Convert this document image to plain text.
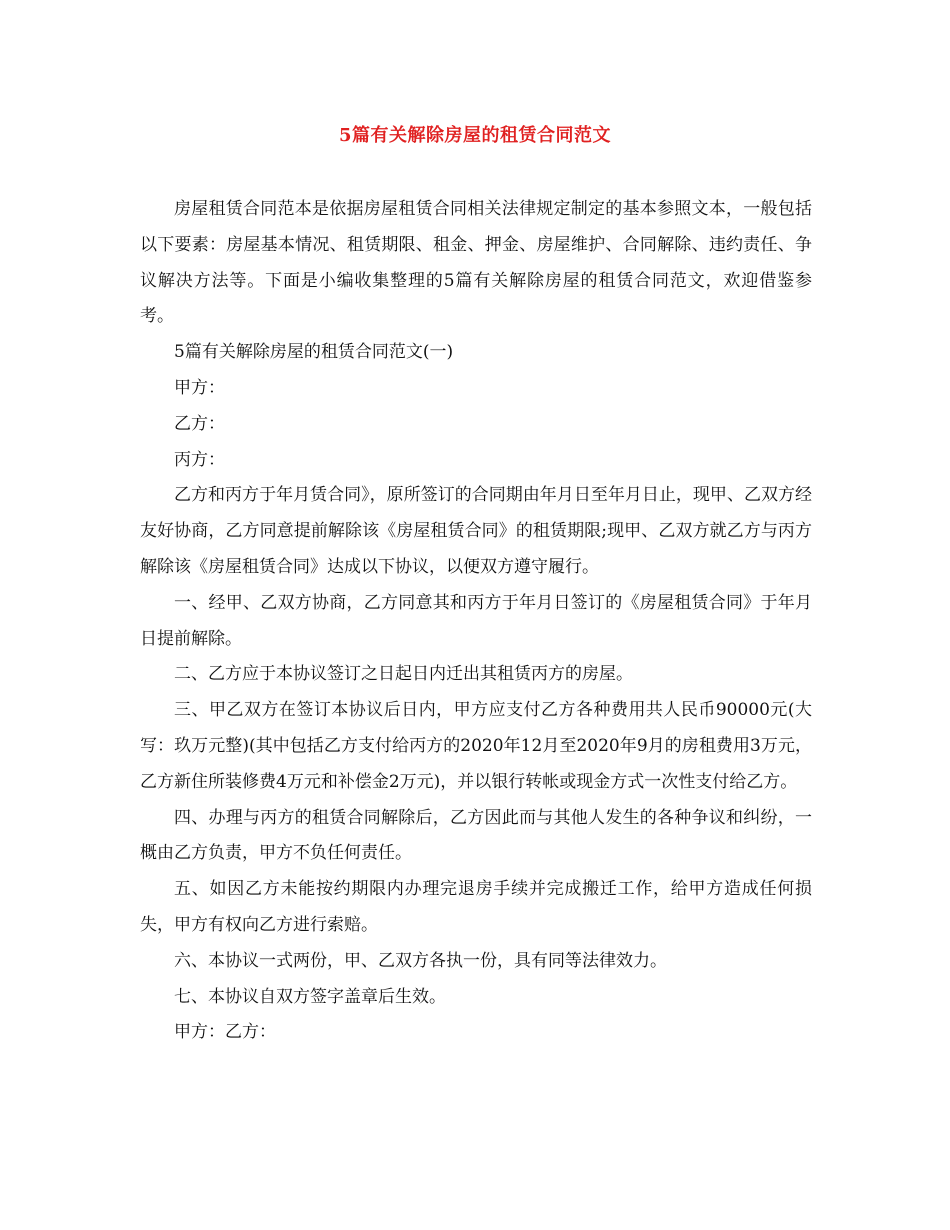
5篇有关解除房屋的租赁合同范文

房屋租赁合同范本是依据房屋租赁合同相关法律规定制定的基本参照文本，一般包括以下要素：房屋基本情况、租赁期限、租金、押金、房屋维护、合同解除、违约责任、争议解决方法等。下面是小编收集整理的5篇有关解除房屋的租赁合同范文，欢迎借鉴参考。

5篇有关解除房屋的租赁合同范文(一)

甲方：

乙方：

丙方：

乙方和丙方于年月赁合同》，原所签订的合同期由年月日至年月日止，现甲、乙双方经友好协商，乙方同意提前解除该《房屋租赁合同》的租赁期限;现甲、乙双方就乙方与丙方解除该《房屋租赁合同》达成以下协议，以便双方遵守履行。

一、经甲、乙双方协商，乙方同意其和丙方于年月日签订的《房屋租赁合同》于年月日提前解除。

二、乙方应于本协议签订之日起日内迁出其租赁丙方的房屋。

三、甲乙双方在签订本协议后日内，甲方应支付乙方各种费用共人民币90000元(大写：玖万元整)(其中包括乙方支付给丙方的2020年12月至2020年9月的房租费用3万元，乙方新住所装修费4万元和补偿金2万元)，并以银行转帐或现金方式一次性支付给乙方。

四、办理与丙方的租赁合同解除后，乙方因此而与其他人发生的各种争议和纠纷，一概由乙方负责，甲方不负任何责任。

五、如因乙方未能按约期限内办理完退房手续并完成搬迁工作，给甲方造成任何损失，甲方有权向乙方进行索赔。

六、本协议一式两份，甲、乙双方各执一份，具有同等法律效力。

七、本协议自双方签字盖章后生效。

甲方：乙方：
